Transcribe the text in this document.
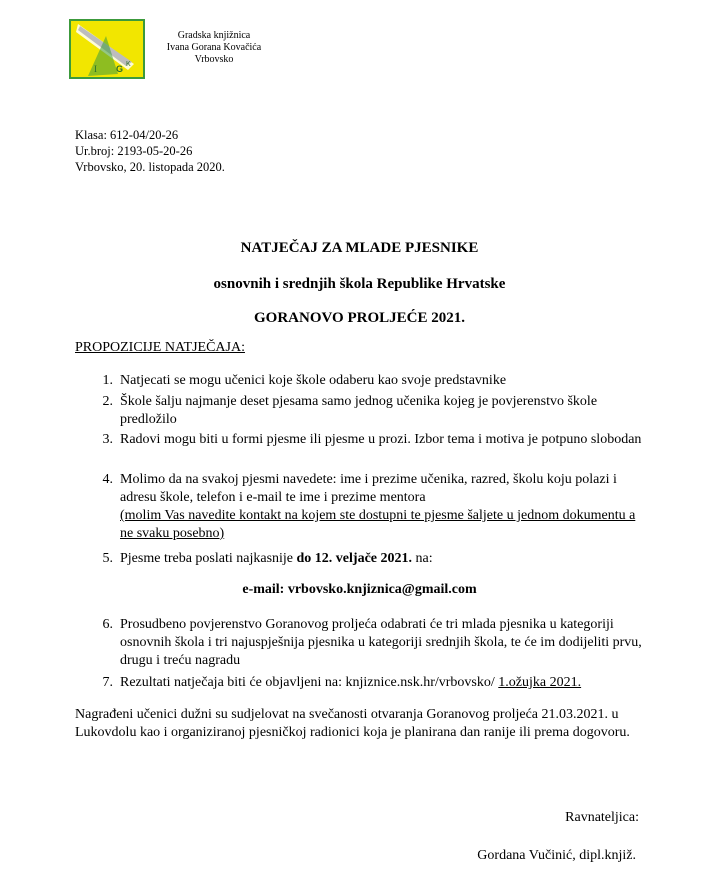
I G K
Gradska knjižnica
Ivana Gorana Kovačića
Vrbovsko
Klasa: 612-04/20-26
Ur.broj: 2193-05-20-26
Vrbovsko, 20. listopada 2020.
NATJEČAJ ZA MLADE PJESNIKE
osnovnih i srednjih škola Republike Hrvatske
GORANOVO PROLJEĆE 2021.
PROPOZICIJE NATJEČAJA:
1. Natjecati se mogu učenici koje škole odaberu kao svoje predstavnike
2. Škole šalju najmanje deset pjesama samo jednog učenika kojeg je povjerenstvo škole predložilo
3. Radovi mogu biti u formi pjesme ili pjesme u prozi. Izbor tema i motiva je potpuno slobodan
4. Molimo da na svakoj pjesmi navedete: ime i prezime učenika, razred, školu koju polazi i adresu škole, telefon i e-mail te ime i prezime mentora
(molim Vas navedite kontakt na kojem ste dostupni te pjesme šaljete u jednom dokumentu a ne svaku posebno)
5. Pjesme treba poslati najkasnije do 12. veljače 2021. na:
e-mail: vrbovsko.knjiznica@gmail.com
6. Prosudbeno povjerenstvo Goranovog proljeća odabrati će tri mlada pjesnika u kategoriji osnovnih škola i tri najuspješnija pjesnika u kategoriji srednjih škola, te će im dodijeliti prvu, drugu i treću nagradu
7. Rezultati natječaja biti će objavljeni na: knjiznice.nsk.hr/vrbovsko/ 1.ožujka 2021.
Nagrađeni učenici dužni su sudjelovat na svečanosti otvaranja Goranovog proljeća 21.03.2021. u Lukovdolu kao i organiziranoj pjesničkoj radionici koja je planirana dan ranije ili prema dogovoru.
Ravnateljica:
Gordana Vučinić, dipl.knjiž.
